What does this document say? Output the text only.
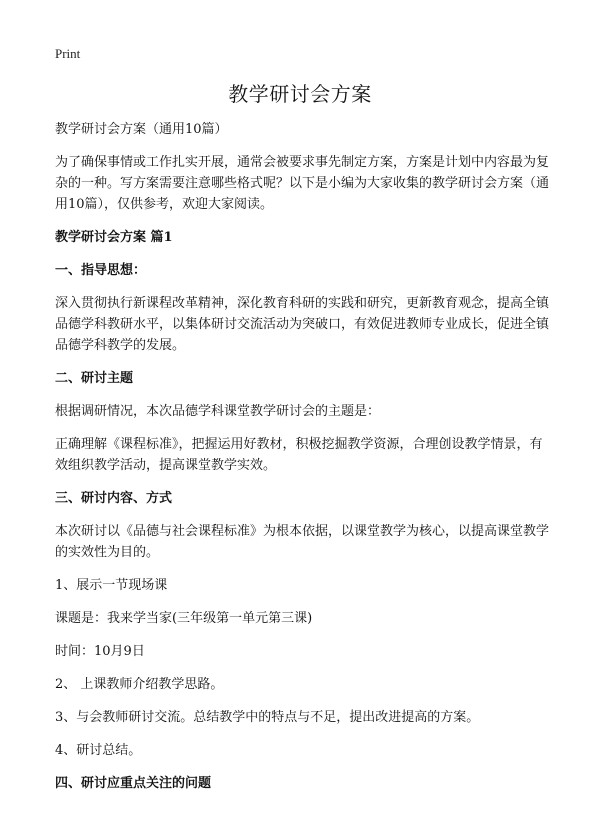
Print
教学研讨会方案

教学研讨会方案（通用10篇）

为了确保事情或工作扎实开展，通常会被要求事先制定方案，方案是计划中内容最为复杂的一种。写方案需要注意哪些格式呢？以下是小编为大家收集的教学研讨会方案（通用10篇），仅供参考，欢迎大家阅读。

教学研讨会方案 篇1

一、指导思想：

深入贯彻执行新课程改革精神，深化教育科研的实践和研究，更新教育观念，提高全镇品德学科教研水平，以集体研讨交流活动为突破口，有效促进教师专业成长，促进全镇品德学科教学的发展。

二、研讨主题

根据调研情况，本次品德学科课堂教学研讨会的主题是：

正确理解《课程标准》，把握运用好教材，积极挖掘教学资源，合理创设教学情景，有效组织教学活动，提高课堂教学实效。

三、研讨内容、方式

本次研讨以《品德与社会课程标准》为根本依据，以课堂教学为核心，以提高课堂教学的实效性为目的。

1、展示一节现场课

课题是：我来学当家(三年级第一单元第三课)

时间：10月9日

2、 上课教师介绍教学思路。

3、与会教师研讨交流。总结教学中的特点与不足，提出改进提高的方案。

4、研讨总结。

四、研讨应重点关注的问题
